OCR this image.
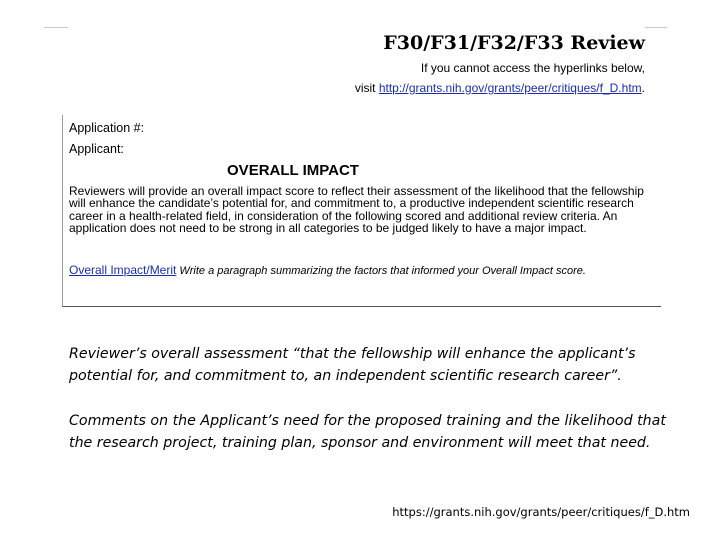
F30/F31/F32/F33 Review
If you cannot access the hyperlinks below,
visit http://grants.nih.gov/grants/peer/critiques/f_D.htm.
Application #:
Applicant:
OVERALL IMPACT
Reviewers will provide an overall impact score to reflect their assessment of the likelihood that the fellowship will enhance the candidate’s potential for, and commitment to, a productive independent scientific research career in a health-related field, in consideration of the following scored and additional review criteria. An application does not need to be strong in all categories to be judged likely to have a major impact.
Overall Impact/Merit Write a paragraph summarizing the factors that informed your Overall Impact score.
Reviewer’s overall assessment “that the fellowship will enhance the applicant’s potential for, and commitment to, an independent scientific research career”.
Comments on the Applicant’s need for the proposed training and the likelihood that the research project, training plan, sponsor and environment will meet that need.
https://grants.nih.gov/grants/peer/critiques/f_D.htm
